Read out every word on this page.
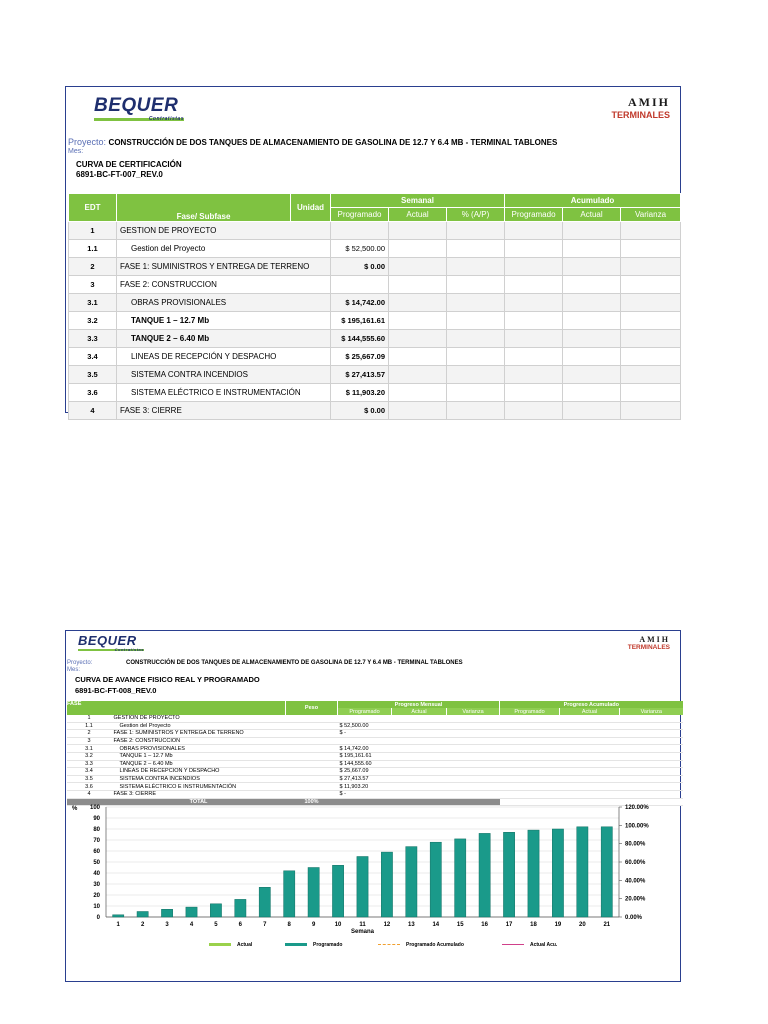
BEQUER
Contratistas
AMIH
TERMINALES
Proyecto: CONSTRUCCIÓN DE DOS TANQUES DE ALMACENAMIENTO DE GASOLINA DE 12.7 Y 6.4 MB - TERMINAL TABLONES
Mes:
CURVA DE CERTIFICACIÓN
6891-BC-FT-007_REV.0
EDT	Fase/ Subfase	Unidad	Semanal			Acumulado		
			Programado	Actual	% (A/P)	Programado	Actual	Varianza
1	GESTION DE PROYECTO							
1.1	Gestion del Proyecto		$ 52,500.00					
2	FASE 1: SUMINISTROS Y ENTREGA DE TERRENO		$ 0.00					
3	FASE 2: CONSTRUCCION							
3.1	OBRAS PROVISIONALES		$ 14,742.00					
3.2	TANQUE 1 – 12.7 Mb		$ 195,161.61					
3.3	TANQUE 2 – 6.40 Mb		$ 144,555.60					
3.4	LINEAS DE RECEPCIÓN Y DESPACHO		$ 25,667.09					
3.5	SISTEMA CONTRA INCENDIOS		$ 27,413.57					
3.6	SISTEMA ELÉCTRICO E INSTRUMENTACIÓN		$ 11,903.20					
4	FASE 3: CIERRE		$ 0.00					
BEQUER
Contratistas
AMIH
TERMINALES
Proyecto:	CONSTRUCCIÓN DE DOS TANQUES DE ALMACENAMIENTO DE GASOLINA DE 12.7 Y 6.4 MB - TERMINAL TABLONES
Mes:
CURVA DE AVANCE FISICO REAL Y PROGRAMADO
6891-BC-FT-008_REV.0
FASE		Peso	Progreso Mensual			Progreso Acumulado		
			Programado	Actual	Varianza	Programado	Actual	Varianza
1	GESTION DE PROYECTO							
1.1	Gestion del Proyecto		$ 52,500.00					
2	FASE 1: SUMINISTROS Y ENTREGA DE TERRENO		$ -					
3	FASE 2: CONSTRUCCION							
3.1	OBRAS PROVISIONALES		$ 14,742.00					
3.2	TANQUE 1 – 12.7 Mb		$ 195,161.61					
3.3	TANQUE 2 – 6.40 Mb		$ 144,555.60					
3.4	LINEAS DE RECEPCIÓN Y DESPACHO		$ 25,667.09					
3.5	SISTEMA CONTRA INCENDIOS		$ 27,413.57					
3.6	SISTEMA ELÉCTRICO E INSTRUMENTACIÓN		$ 11,903.20					
4	FASE 3: CIERRE		$ -					
	TOTAL	100%						
%
0
10
20
30
40
50
60
70
80
90
100
0.00%
20.00%
40.00%
60.00%
80.00%
100.00%
120.00%
1	2	3	4	5	6	7	8	9	10	11	12	13	14	15	16	17	18	19	20	21
Semana
Actual	Programado	Programado Acumulado	Actual Acu.
